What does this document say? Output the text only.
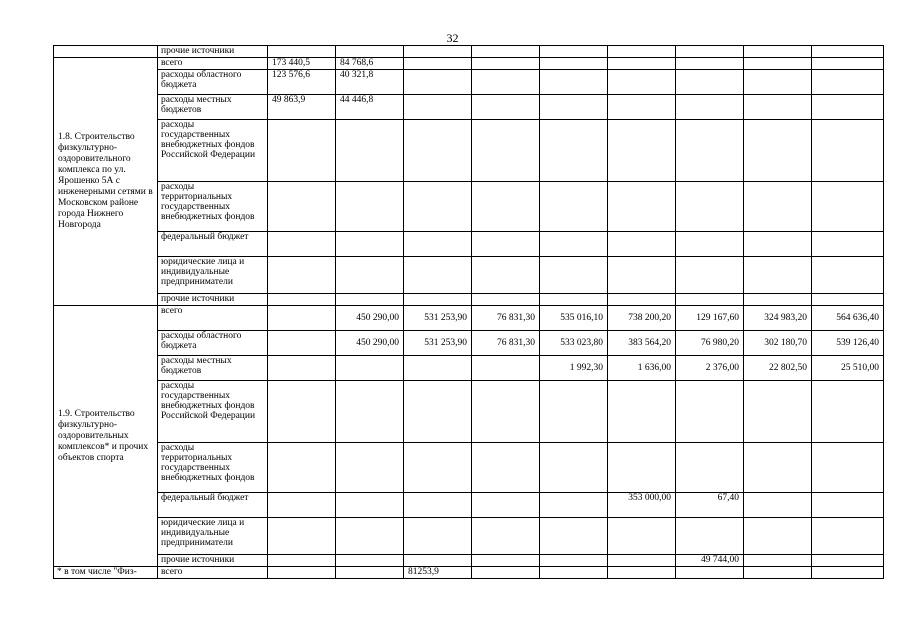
32
	прочие источники									
1.8. Строительство физкультурно-оздоровительного комплекса по ул. Ярошенко 5А с инженерными сетями в Московском районе города Нижнего Новгорода	всего	173 440,5	84 768,6							
	расходы областного бюджета	123 576,6	40 321,8							
	расходы местных бюджетов	49 863,9	44 446,8							
	расходы государственных внебюджетных фондов Российской Федерации									
	расходы территориальных государственных внебюджетных фондов									
	федеральный бюджет									
	юридические лица и индивидуальные предприниматели									
	прочие источники									
1.9. Строительство физкультурно-оздоровительных комплексов* и прочих объектов спорта	всего		450 290,00	531 253,90	76 831,30	535 016,10	738 200,20	129 167,60	324 983,20	564 636,40
	расходы областного бюджета		450 290,00	531 253,90	76 831,30	533 023,80	383 564,20	76 980,20	302 180,70	539 126,40
	расходы местных бюджетов					1 992,30	1 636,00	2 376,00	22 802,50	25 510,00
	расходы государственных внебюджетных фондов Российской Федерации									
	расходы территориальных государственных внебюджетных фондов									
	федеральный бюджет						353 000,00	67,40		
	юридические лица и индивидуальные предприниматели									
	прочие источники							49 744,00		
* в том числе "Физ-	всего			81253,9						
